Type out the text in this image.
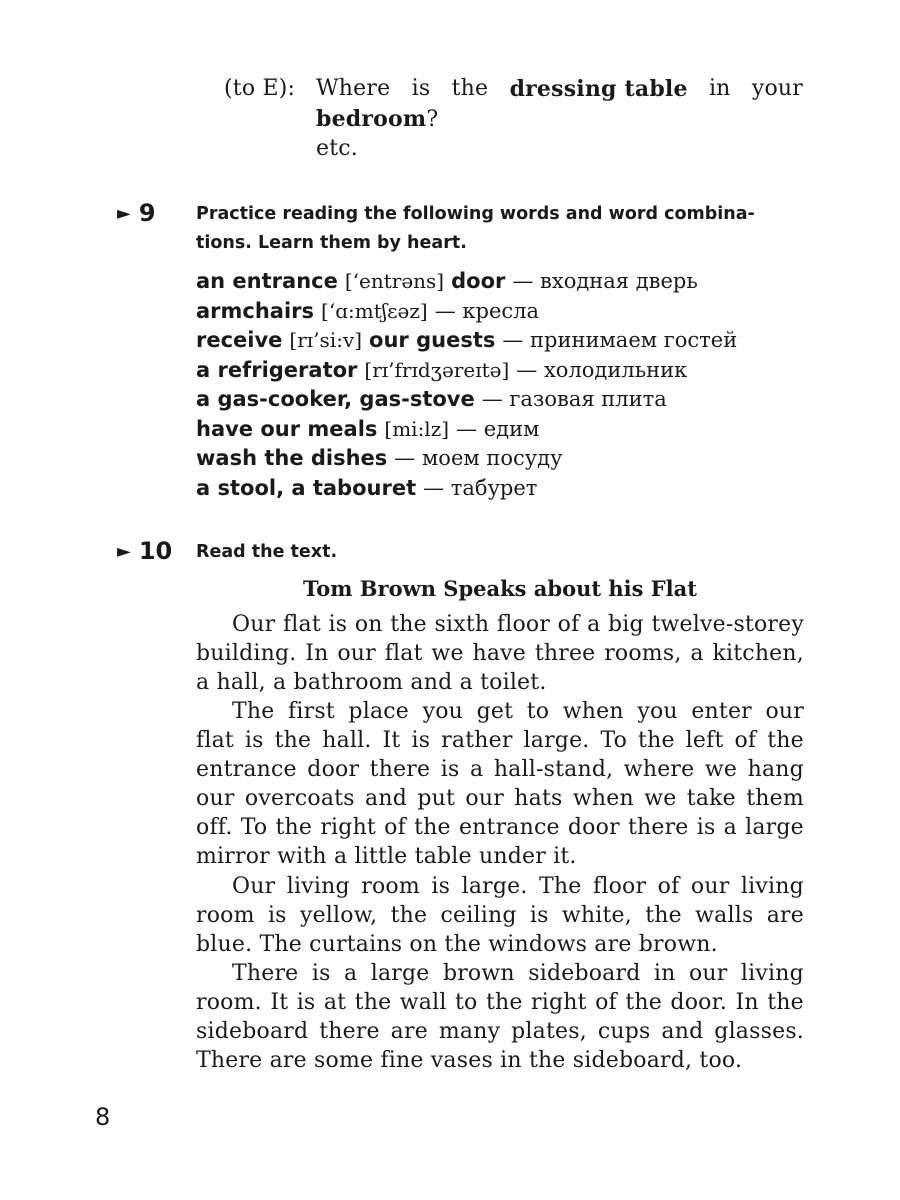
(to E): Where is the dressing table in your
bedroom?
etc.
► 9 Practice reading the following words and word combina-
tions. Learn them by heart.
an entrance [‘entrəns] door — входная дверь
armchairs [‘ɑ:mtʃɛəz] — кресла
receive [rɪ’si:v] our guests — принимаем гостей
a refrigerator [rɪ’frɪdʒəreɪtə] — холодильник
a gas-cooker, gas-stove — газовая плита
have our meals [mi:lz] — едим
wash the dishes — моем посуду
a stool, a tabouret — табурет
► 10 Read the text.
Tom Brown Speaks about his Flat
Our flat is on the sixth floor of a big twelve-storey
building. In our flat we have three rooms, a kitchen,
a hall, a bathroom and a toilet.
The first place you get to when you enter our
flat is the hall. It is rather large. To the left of the
entrance door there is a hall-stand, where we hang
our overcoats and put our hats when we take them
off. To the right of the entrance door there is a large
mirror with a little table under it.
Our living room is large. The floor of our living
room is yellow, the ceiling is white, the walls are
blue. The curtains on the windows are brown.
There is a large brown sideboard in our living
room. It is at the wall to the right of the door. In the
sideboard there are many plates, cups and glasses.
There are some fine vases in the sideboard, too.
8
